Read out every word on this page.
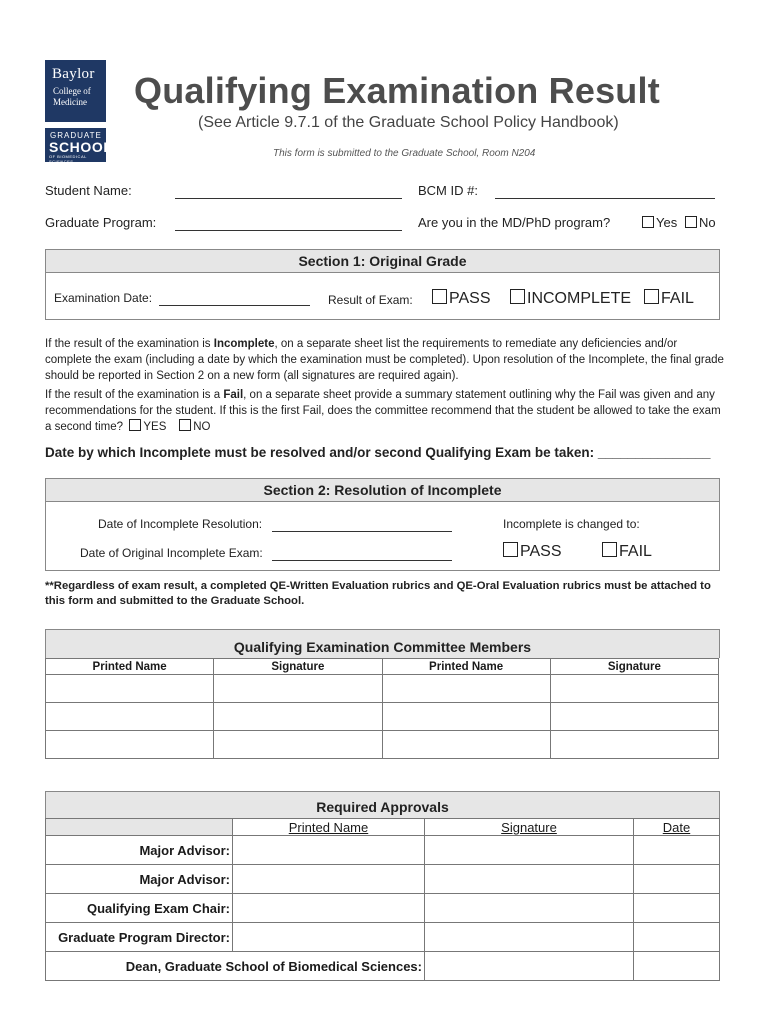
Baylor
College of
Medicine
GRADUATE
SCHOOL
OF BIOMEDICAL SCIENCES
Qualifying Examination Result
(See Article 9.7.1 of the Graduate School Policy Handbook)
This form is submitted to the Graduate School, Room N204
Student Name:	BCM ID #:
Graduate Program:	Are you in the MD/PhD program?	Yes	No
Section 1: Original Grade
Examination Date:	Result of Exam:	PASS	INCOMPLETE	FAIL
If the result of the examination is Incomplete, on a separate sheet list the requirements to remediate any deficiencies and/or complete the exam (including a date by which the examination must be completed). Upon resolution of the Incomplete, the final grade should be reported in Section 2 on a new form (all signatures are required again).
If the result of the examination is a Fail, on a separate sheet provide a summary statement outlining why the Fail was given and any recommendations for the student. If this is the first Fail, does the committee recommend that the student be allowed to take the exam a second time? YES NO
Date by which Incomplete must be resolved and/or second Qualifying Exam be taken: _______________
Section 2: Resolution of Incomplete
Date of Incomplete Resolution:
Date of Original Incomplete Exam:
Incomplete is changed to:
PASS	FAIL
**Regardless of exam result, a completed QE-Written Evaluation rubrics and QE-Oral Evaluation rubrics must be attached to this form and submitted to the Graduate School.
Qualifying Examination Committee Members
Printed Name	Signature	Printed Name	Signature

Required Approvals
	Printed Name	Signature	Date
Major Advisor:			
Major Advisor:			
Qualifying Exam Chair:			
Graduate Program Director:			
Dean, Graduate School of Biomedical Sciences:			
